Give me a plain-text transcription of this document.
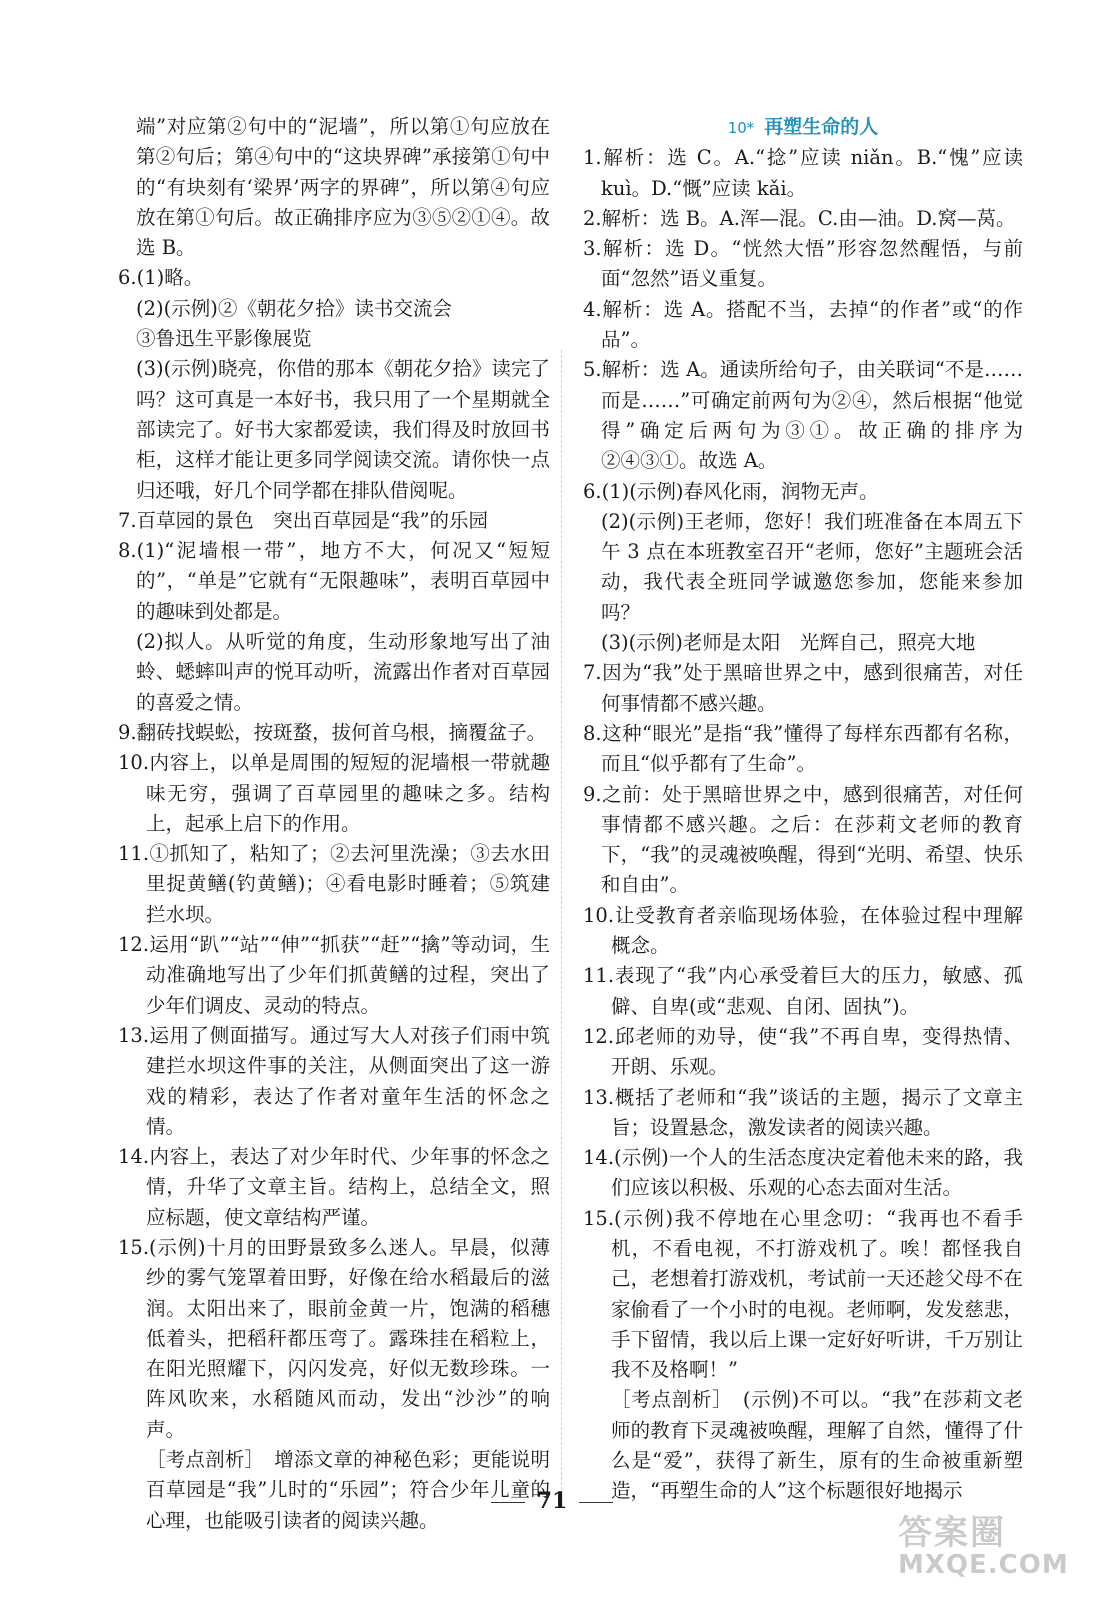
端”对应第②句中的“泥墙”，所以第①句应放在第②句后；第④句中的“这块界碑”承接第①句中的“有块刻有‘梁界’两字的界碑”，所以第④句应放在第①句后。故正确排序应为③⑤②①④。故选 B。

6.(1)略。

(2)(示例)②《朝花夕拾》读书交流会

③鲁迅生平影像展览

(3)(示例)晓亮，你借的那本《朝花夕拾》读完了吗？这可真是一本好书，我只用了一个星期就全部读完了。好书大家都爱读，我们得及时放回书柜，这样才能让更多同学阅读交流。请你快一点归还哦，好几个同学都在排队借阅呢。

7.百草园的景色　突出百草园是“我”的乐园

8.(1)“泥墙根一带”，地方不大，何况又“短短的”，“单是”它就有“无限趣味”，表明百草园中的趣味到处都是。

(2)拟人。从听觉的角度，生动形象地写出了油蛉、蟋蟀叫声的悦耳动听，流露出作者对百草园的喜爱之情。

9.翻砖找蜈蚣，按斑蝥，拔何首乌根，摘覆盆子。

10.内容上，以单是周围的短短的泥墙根一带就趣味无穷，强调了百草园里的趣味之多。结构上，起承上启下的作用。

11.①抓知了，粘知了；②去河里洗澡；③去水田里捉黄鳝(钓黄鳝)；④看电影时睡着；⑤筑建拦水坝。

12.运用“趴”“站”“伸”“抓获”“赶”“擒”等动词，生动准确地写出了少年们抓黄鳝的过程，突出了少年们调皮、灵动的特点。

13.运用了侧面描写。通过写大人对孩子们雨中筑建拦水坝这件事的关注，从侧面突出了这一游戏的精彩，表达了作者对童年生活的怀念之情。

14.内容上，表达了对少年时代、少年事的怀念之情，升华了文章主旨。结构上，总结全文，照应标题，使文章结构严谨。

15.(示例)十月的田野景致多么迷人。早晨，似薄纱的雾气笼罩着田野，好像在给水稻最后的滋润。太阳出来了，眼前金黄一片，饱满的稻穗低着头，把稻秆都压弯了。露珠挂在稻粒上，在阳光照耀下，闪闪发亮，好似无数珍珠。一阵风吹来，水稻随风而动，发出“沙沙”的响声。

［考点剖析］　增添文章的神秘色彩；更能说明百草园是“我”儿时的“乐园”；符合少年儿童的心理，也能吸引读者的阅读兴趣。

10* 再塑生命的人

1.解析：选 C。A.“捻”应读 niǎn。B.“愧”应读 kuì。D.“慨”应读 kǎi。

2.解析：选 B。A.浑—混。C.由—油。D.窝—莴。

3.解析：选 D。“恍然大悟”形容忽然醒悟，与前面“忽然”语义重复。

4.解析：选 A。搭配不当，去掉“的作者”或“的作品”。

5.解析：选 A。通读所给句子，由关联词“不是……而是……”可确定前两句为②④，然后根据“他觉得”确定后两句为③①。故正确的排序为②④③①。故选 A。

6.(1)(示例)春风化雨，润物无声。

(2)(示例)王老师，您好！我们班准备在本周五下午 3 点在本班教室召开“老师，您好”主题班会活动，我代表全班同学诚邀您参加，您能来参加吗？

(3)(示例)老师是太阳　光辉自己，照亮大地

7.因为“我”处于黑暗世界之中，感到很痛苦，对任何事情都不感兴趣。

8.这种“眼光”是指“我”懂得了每样东西都有名称，而且“似乎都有了生命”。

9.之前：处于黑暗世界之中，感到很痛苦，对任何事情都不感兴趣。之后：在莎莉文老师的教育下，“我”的灵魂被唤醒，得到“光明、希望、快乐和自由”。

10.让受教育者亲临现场体验，在体验过程中理解概念。

11.表现了“我”内心承受着巨大的压力，敏感、孤僻、自卑(或“悲观、自闭、固执”)。

12.邱老师的劝导，使“我”不再自卑，变得热情、开朗、乐观。

13.概括了老师和“我”谈话的主题，揭示了文章主旨；设置悬念，激发读者的阅读兴趣。

14.(示例)一个人的生活态度决定着他未来的路，我们应该以积极、乐观的心态去面对生活。

15.(示例)我不停地在心里念叨：“我再也不看手机，不看电视，不打游戏机了。唉！都怪我自己，老想着打游戏机，考试前一天还趁父母不在家偷看了一个小时的电视。老师啊，发发慈悲，手下留情，我以后上课一定好好听讲，千万别让我不及格啊！”

［考点剖析］　(示例)不可以。“我”在莎莉文老师的教育下灵魂被唤醒，理解了自然，懂得了什么是“爱”，获得了新生，原有的生命被重新塑造，“再塑生命的人”这个标题很好地揭示

71
答案圈
MXQE.COM
